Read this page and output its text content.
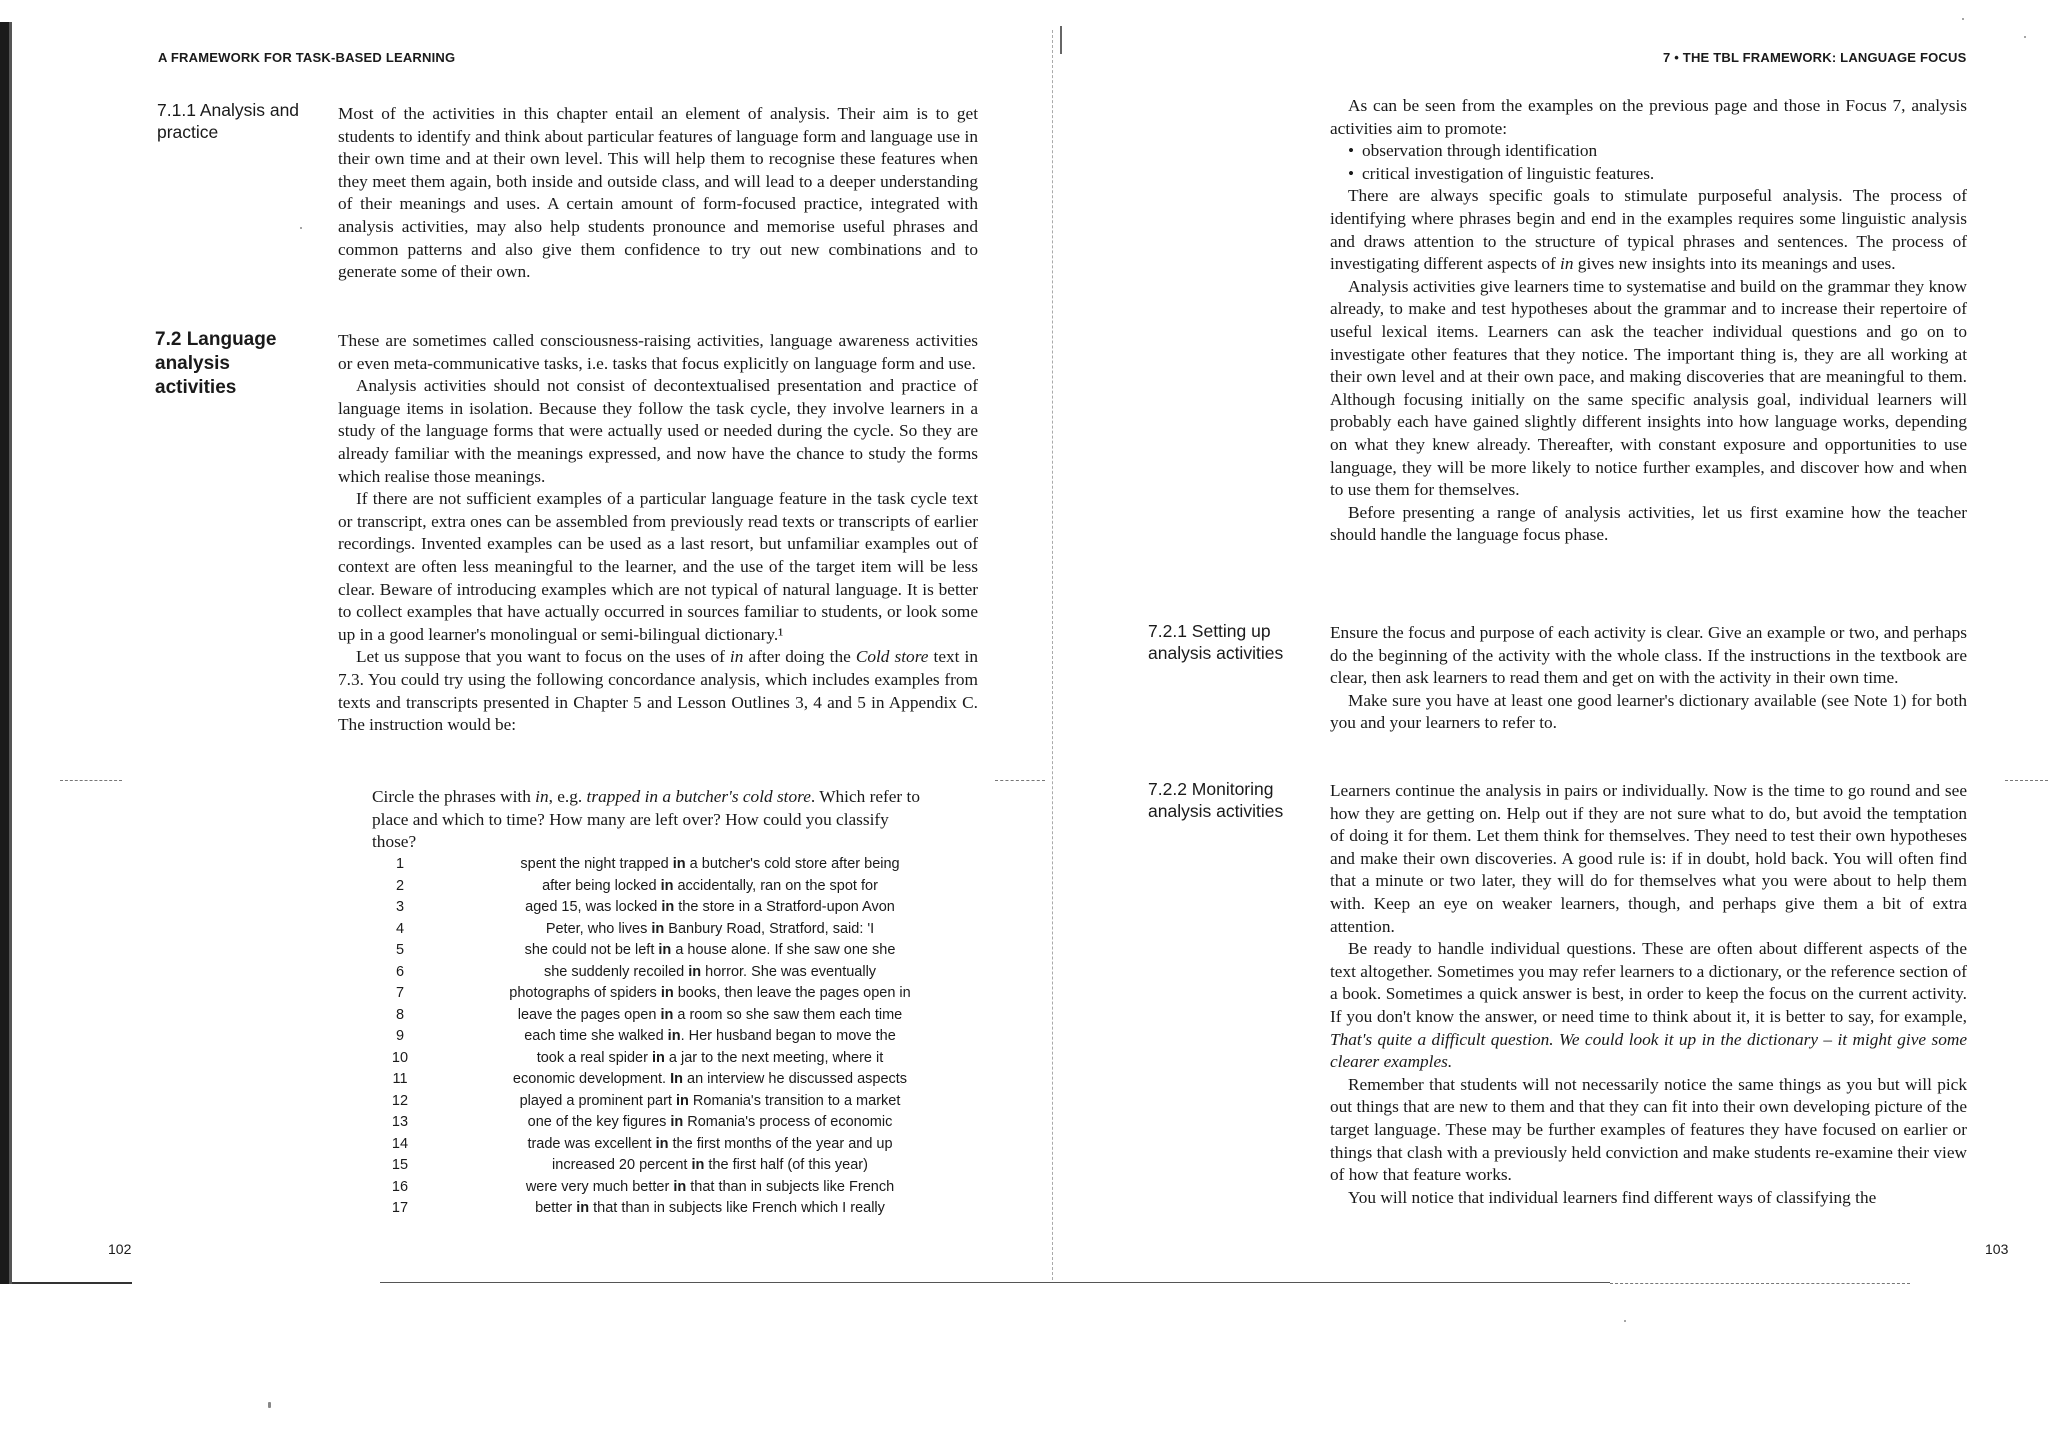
A FRAMEWORK FOR TASK-BASED LEARNING
7.1.1 Analysis and
practice

Most of the activities in this chapter entail an element of analysis. Their aim is to get students to identify and think about particular features of language form and language use in their own time and at their own level. This will help them to recognise these features when they meet them again, both inside and outside class, and will lead to a deeper understanding of their meanings and uses. A certain amount of form-focused practice, integrated with analysis activities, may also help students pronounce and memorise useful phrases and common patterns and also give them confidence to try out new combinations and to generate some of their own.

7.2 Language
analysis
activities

These are sometimes called consciousness-raising activities, language awareness activities or even meta-communicative tasks, i.e. tasks that focus explicitly on language form and use.

Analysis activities should not consist of decontextualised presentation and practice of language items in isolation. Because they follow the task cycle, they involve learners in a study of the language forms that were actually used or needed during the cycle. So they are already familiar with the meanings expressed, and now have the chance to study the forms which realise those meanings.

If there are not sufficient examples of a particular language feature in the task cycle text or transcript, extra ones can be assembled from previously read texts or transcripts of earlier recordings. Invented examples can be used as a last resort, but unfamiliar examples out of context are often less meaningful to the learner, and the use of the target item will be less clear. Beware of introducing examples which are not typical of natural language. It is better to collect examples that have actually occurred in sources familiar to students, or look some up in a good learner's monolingual or semi-bilingual dictionary.¹

Let us suppose that you want to focus on the uses of in after doing the Cold store text in 7.3. You could try using the following concordance analysis, which includes examples from texts and transcripts presented in Chapter 5 and Lesson Outlines 3, 4 and 5 in Appendix C. The instruction would be:

Circle the phrases with in, e.g. trapped in a butcher's cold store. Which refer to place and which to time? How many are left over? How could you classify those?
1	spent the night trapped in a butcher's cold store after being
2	after being locked in accidentally, ran on the spot for
3	aged 15, was locked in the store in a Stratford-upon Avon
4	Peter, who lives in Banbury Road, Stratford, said: 'I
5	she could not be left in a house alone. If she saw one she
6	she suddenly recoiled in horror. She was eventually
7	photographs of spiders in books, then leave the pages open in
8	leave the pages open in a room so she saw them each time
9	each time she walked in. Her husband began to move the
10	took a real spider in a jar to the next meeting, where it
11	economic development. In an interview he discussed aspects
12	played a prominent part in Romania's transition to a market
13	one of the key figures in Romania's process of economic
14	trade was excellent in the first months of the year and up
15	increased 20 percent in the first half (of this year)
16	were very much better in that than in subjects like French
17	better in that than in subjects like French which I really
102
7 • THE TBL FRAMEWORK: LANGUAGE FOCUS

As can be seen from the examples on the previous page and those in Focus 7, analysis activities aim to promote:

• observation through identification
• critical investigation of linguistic features.

There are always specific goals to stimulate purposeful analysis. The process of identifying where phrases begin and end in the examples requires some linguistic analysis and draws attention to the structure of typical phrases and sentences. The process of investigating different aspects of in gives new insights into its meanings and uses.

Analysis activities give learners time to systematise and build on the grammar they know already, to make and test hypotheses about the grammar and to increase their repertoire of useful lexical items. Learners can ask the teacher individual questions and go on to investigate other features that they notice. The important thing is, they are all working at their own level and at their own pace, and making discoveries that are meaningful to them. Although focusing initially on the same specific analysis goal, individual learners will probably each have gained slightly different insights into how language works, depending on what they knew already. Thereafter, with constant exposure and opportunities to use language, they will be more likely to notice further examples, and discover how and when to use them for themselves.

Before presenting a range of analysis activities, let us first examine how the teacher should handle the language focus phase.

7.2.1 Setting up
analysis activities

Ensure the focus and purpose of each activity is clear. Give an example or two, and perhaps do the beginning of the activity with the whole class. If the instructions in the textbook are clear, then ask learners to read them and get on with the activity in their own time.

Make sure you have at least one good learner's dictionary available (see Note 1) for both you and your learners to refer to.

7.2.2 Monitoring
analysis activities

Learners continue the analysis in pairs or individually. Now is the time to go round and see how they are getting on. Help out if they are not sure what to do, but avoid the temptation of doing it for them. Let them think for themselves. They need to test their own hypotheses and make their own discoveries. A good rule is: if in doubt, hold back. You will often find that a minute or two later, they will do for themselves what you were about to help them with. Keep an eye on weaker learners, though, and perhaps give them a bit of extra attention.

Be ready to handle individual questions. These are often about different aspects of the text altogether. Sometimes you may refer learners to a dictionary, or the reference section of a book. Sometimes a quick answer is best, in order to keep the focus on the current activity. If you don't know the answer, or need time to think about it, it is better to say, for example, That's quite a difficult question. We could look it up in the dictionary – it might give some clearer examples.

Remember that students will not necessarily notice the same things as you but will pick out things that are new to them and that they can fit into their own developing picture of the target language. These may be further examples of features they have focused on earlier or things that clash with a previously held conviction and make students re-examine their view of how that feature works.

You will notice that individual learners find different ways of classifying the

103
